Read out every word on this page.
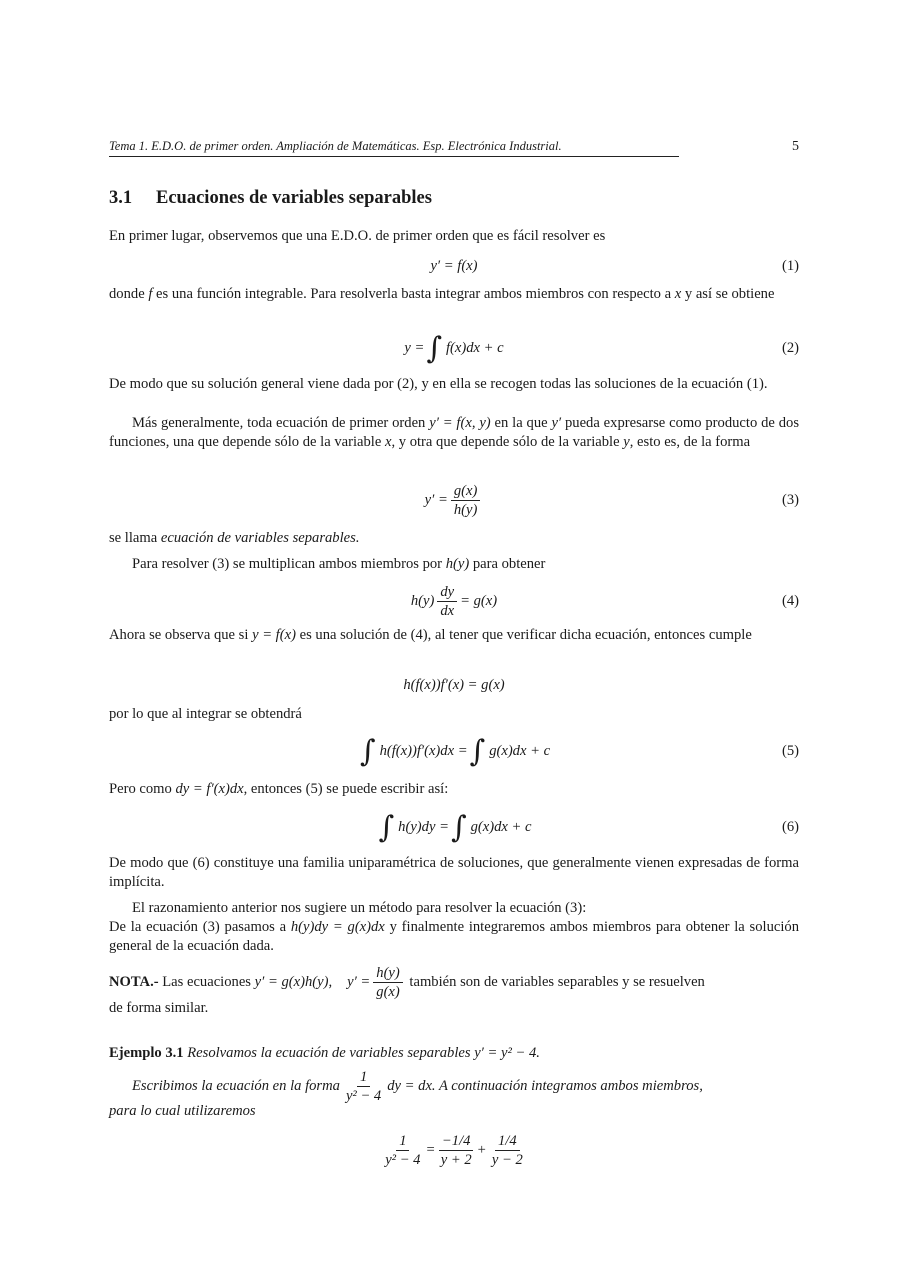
Tema 1. E.D.O. de primer orden. Ampliación de Matemáticas. Esp. Electrónica Industrial.	5
3.1 Ecuaciones de variables separables
En primer lugar, observemos que una E.D.O. de primer orden que es fácil resolver es
y′ = f(x)	(1)
donde f es una función integrable. Para resolverla basta integrar ambos miembros con respecto a x y así se obtiene
y = ∫ f(x)dx + c	(2)
De modo que su solución general viene dada por (2), y en ella se recogen todas las soluciones de la ecuación (1).
Más generalmente, toda ecuación de primer orden y′ = f(x, y) en la que y′ pueda expresarse como producto de dos funciones, una que depende sólo de la variable x, y otra que depende sólo de la variable y, esto es, de la forma
$y' = \frac{g(x)}{h(y)}$	(3)
se llama ecuación de variables separables.
Para resolver (3) se multiplican ambos miembros por h(y) para obtener
$h(y) \frac{dy}{dx} = g(x)$	(4)
Ahora se observa que si y = f(x) es una solución de (4), al tener que verificar dicha ecuación, entonces cumple
h(f(x))f′(x) = g(x)
por lo que al integrar se obtendrá
∫ h(f(x))f′(x)dx = ∫ g(x)dx + c	(5)
Pero como dy = f′(x)dx, entonces (5) se puede escribir así:
∫ h(y)dy = ∫ g(x)dx + c	(6)
De modo que (6) constituye una familia uniparamétrica de soluciones, que generalmente vienen expresadas de forma implícita.
El razonamiento anterior nos sugiere un método para resolver la ecuación (3):
De la ecuación (3) pasamos a h(y)dy = g(x)dx y finalmente integraremos ambos miembros para obtener la solución general de la ecuación dada.
NOTA.- Las ecuaciones y′ = g(x)h(y), $y' = \frac{h(y)}{g(x)}$ también son de variables separables y se resuelven
de forma similar.
Ejemplo 3.1 Resolvamos la ecuación de variables separables y′ = y² − 4.
Escribimos la ecuación en la forma $\frac{1}{\text{y² − 4}}$ dy = dx. A continuación integramos ambos miembros,
para lo cual utilizaremos
$\frac{1}{\text{y² − 4}} = \frac{-1/4}{y + 2} + \frac{1/4}{y - 2}$
